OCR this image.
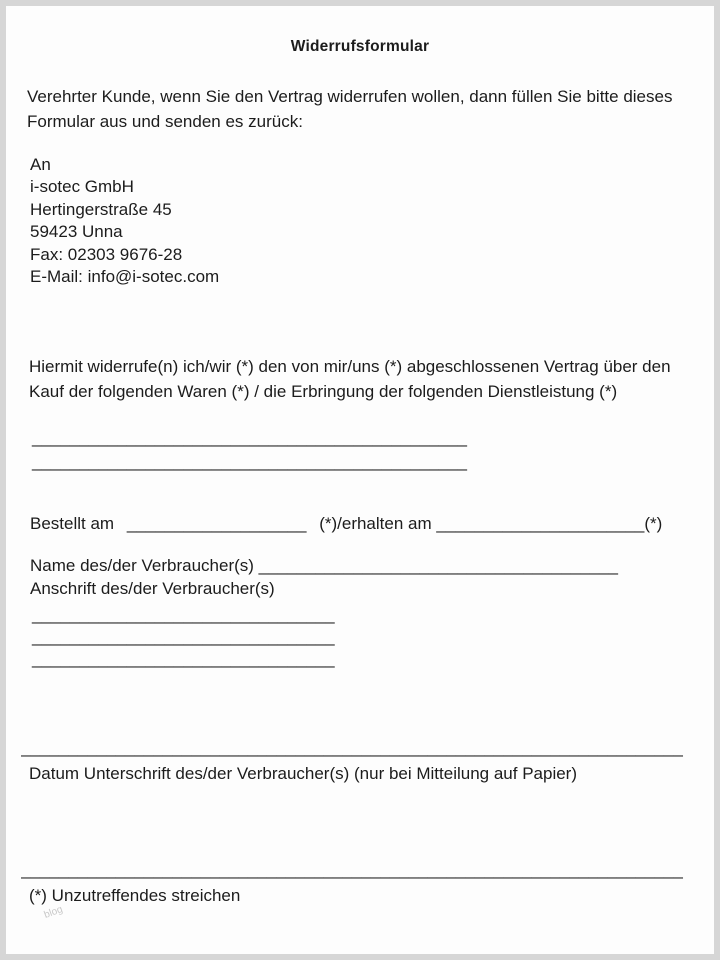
Widerrufsformular

Verehrter Kunde, wenn Sie den Vertrag widerrufen wollen, dann füllen Sie bitte dieses Formular aus und senden es zurück:

An
i-sotec GmbH
Hertingerstraße 45
59423 Unna
Fax: 02303 9676-28
E-Mail: info@i-sotec.com

Hiermit widerrufe(n) ich/wir (*) den von mir/uns (*) abgeschlossenen Vertrag über den Kauf der folgenden Waren (*) / die Erbringung der folgenden Dienstleistung (*)

______________________________________________
______________________________________________

Bestellt am ___________________ (*)/erhalten am ______________________(*)

Name des/der Verbraucher(s) ______________________________________
Anschrift des/der Verbraucher(s)
________________________________
________________________________
________________________________
______________________________________________________________________
Datum Unterschrift des/der Verbraucher(s) (nur bei Mitteilung auf Papier)
______________________________________________________________________
(*) Unzutreffendes streichen
blog
